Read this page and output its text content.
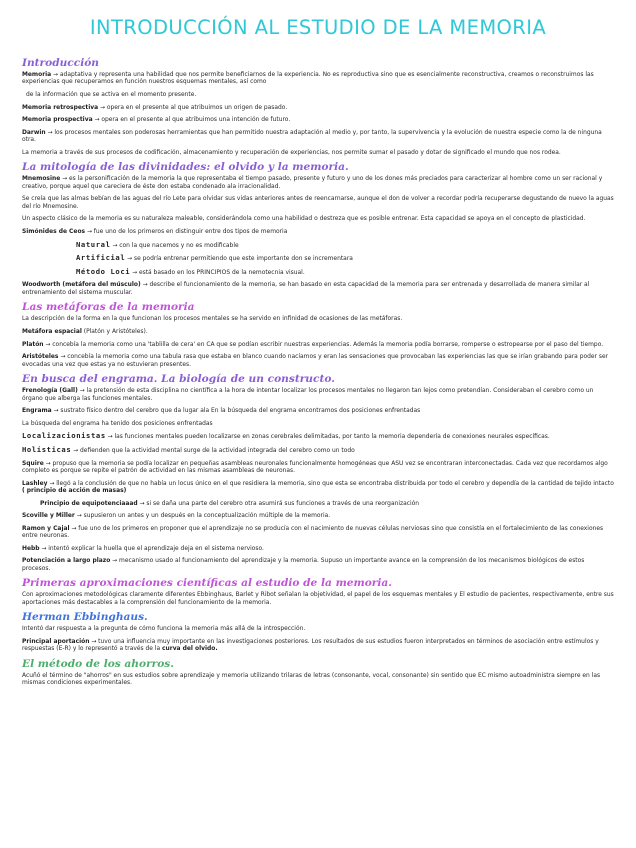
INTRODUCCIÓN AL ESTUDIO DE LA MEMORIA
Introducción

Memoria → adaptativa y representa una habilidad que nos permite beneficiarnos de la experiencia. No es reproductiva sino que es esencialmente reconstructiva, creamos o reconstruimos las experiencias que recuperamos en función nuestros esquemas mentales, así como

de la información que se activa en el momento presente.

Memoria retrospectiva → opera en el presente al que atribuimos un origen de pasado.

Memoria prospectiva → opera en el presente al que atribuimos una intención de futuro.

Darwin → los procesos mentales son poderosas herramientas que han permitido nuestra adaptación al medio y, por tanto, la supervivencia y la evolución de nuestra especie como la de ninguna otra.

La memoria a través de sus procesos de codificación, almacenamiento y recuperación de experiencias, nos permite sumar el pasado y dotar de significado el mundo que nos rodea.

La mitología de las divinidades: el olvido y la memoria.

Mnemosine → es la personificación de la memoria la que representaba el tiempo pasado, presente y futuro y uno de los dones más preciados para caracterizar al hombre como un ser racional y creativo, porque aquel que careciera de éste don estaba condenado ala irracionalidad.

Se creía que las almas bebían de las aguas del río Lete para olvidar sus vidas anteriores antes de reencarnarse, aunque el don de volver a recordar podría recuperarse degustando de nuevo la aguas del río Mnemosine.

Un aspecto clásico de la memoria es su naturaleza maleable, considerándola como una habilidad o destreza que es posible entrenar. Esta capacidad se apoya en el concepto de plasticidad.

Simónides de Ceos → fue uno de los primeros en distinguir entre dos tipos de memoria

Natural → con la que nacemos y no es modificable

Artificial → se podría entrenar permitiendo que este importante don se incrementara

Método Loci → está basado en los PRINCIPIOS de la nemotecnia visual.

Woodworth (metáfora del músculo) → describe el funcionamiento de la memoria, se han basado en esta capacidad de la memoria para ser entrenada y desarrollada de manera similar al entrenamiento del sistema muscular.

Las metáforas de la memoria

La descripción de la forma en la que funcionan los procesos mentales se ha servido en infinidad de ocasiones de las metáforas.

Metáfora espacial (Platón y Aristóteles).

Platón → concebía la memoria como una 'tablilla de cera' en CA que se podían escribir nuestras experiencias. Además la memoria podía borrarse, romperse o estropearse por el paso del tiempo.

Aristóteles → concebía la memoria como una tabula rasa que estaba en blanco cuando nacíamos y eran las sensaciones que provocaban las experiencias las que se irían grabando para poder ser evocadas una vez que estas ya no estuvieran presentes.

En busca del engrama. La biología de un constructo.

Frenología (Gall) → la pretensión de esta disciplina no científica a la hora de intentar localizar los procesos mentales no llegaron tan lejos como pretendían. Consideraban el cerebro como un órgano que alberga las funciones mentales.

Engrama → sustrato físico dentro del cerebro que da lugar ala En la búsqueda del engrama encontramos dos posiciones enfrentadas

La búsqueda del engrama ha tenido dos posiciones enfrentadas

Localizacionistas → las funciones mentales pueden localizarse en zonas cerebrales delimitadas, por tanto la memoria dependería de conexiones neurales específicas.

Holísticas → defienden que la actividad mental surge de la actividad integrada del cerebro como un todo

Squire → propuso que la memoria se podía localizar en pequeñas asambleas neuronales funcionalmente homogéneas que ASU vez se encontraran interconectadas. Cada vez que recordamos algo completo es porque se repite el patrón de actividad en las mismas asambleas de neuronas.

Lashley → llegó a la conclusión de que no había un locus único en el que residiera la memoria, sino que esta se encontraba distribuida por todo el cerebro y dependía de la cantidad de tejido intacto ( principio de acción de masas)

Principio de equipotenciaaad → si se daña una parte del cerebro otra asumirá sus funciones a través de una reorganización

Scoville y Miller → supusieron un antes y un después en la conceptualización múltiple de la memoria.

Ramon y Cajal → fue uno de los primeros en proponer que el aprendizaje no se producía con el nacimiento de nuevas células nerviosas sino que consistía en el fortalecimiento de las conexiones entre neuronas.

Hebb → intentó explicar la huella que el aprendizaje deja en el sistema nervioso.

Potenciación a largo plazo → mecanismo usado al funcionamiento del aprendizaje y la memoria. Supuso un importante avance en la comprensión de los mecanismos biológicos de estos procesos.

Primeras aproximaciones científicas al estudio de la memoria.

Con aproximaciones metodológicas claramente diferentes Ebbinghaus, Barlet y Ribot señalan la objetividad, el papel de los esquemas mentales y El estudio de pacientes, respectivamente, entre sus aportaciones más destacables a la comprensión del funcionamiento de la memoria.

Herman Ebbinghaus.

Intentó dar respuesta a la pregunta de cómo funciona la memoria más allá de la introspección.

Principal aportación → tuvo una influencia muy importante en las investigaciones posteriores. Los resultados de sus estudios fueron interpretados en términos de asociación entre estímulos y respuestas (E-R) y lo representó a través de la curva del olvido.

El método de los ahorros.

Acuñó el término de "ahorros" en sus estudios sobre aprendizaje y memoria utilizando trilaras de letras (consonante, vocal, consonante) sin sentido que EC mismo autoadministra siempre en las mismas condiciones experimentales.
